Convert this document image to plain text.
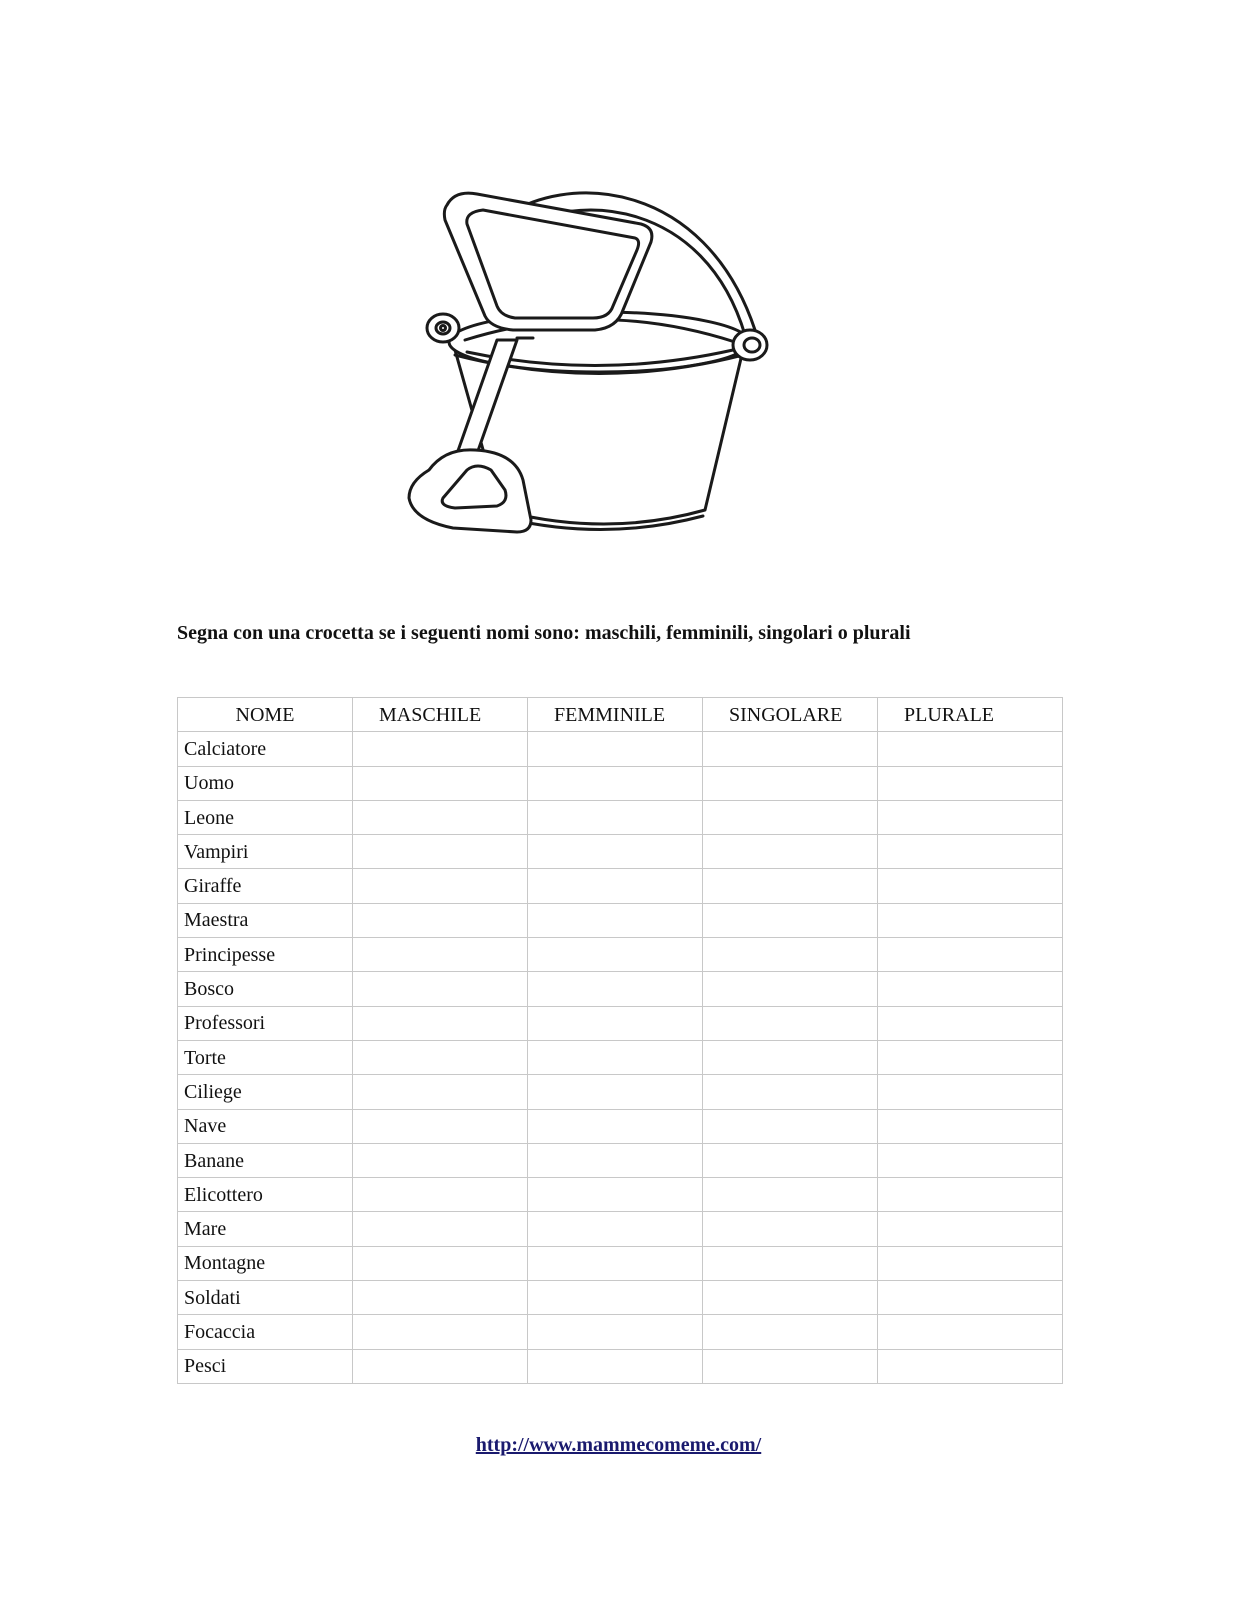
Segna con una crocetta se i seguenti nomi sono: maschili, femminili, singolari o plurali
NOME	MASCHILE	FEMMINILE	SINGOLARE	PLURALE
Calciatore				
Uomo				
Leone				
Vampiri				
Giraffe				
Maestra				
Principesse				
Bosco				
Professori				
Torte				
Ciliege				
Nave				
Banane				
Elicottero				
Mare				
Montagne				
Soldati				
Focaccia				
Pesci				
http://www.mammecomeme.com/
